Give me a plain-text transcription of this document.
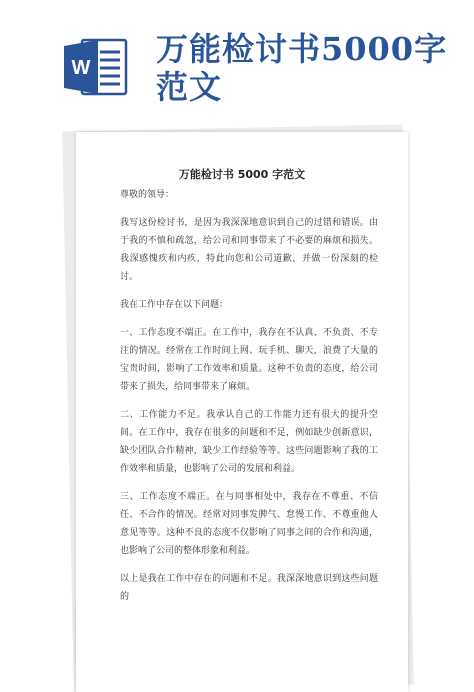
W 万能检讨书5000字范文
万能检讨书 5000 字范文

尊敬的领导：

我写这份检讨书，是因为我深深地意识到自己的过错和错误。由于我的不慎和疏忽，给公司和同事带来了不必要的麻烦和损失。我深感愧疚和内疚，特此向您和公司道歉，并做一份深刻的检讨。

我在工作中存在以下问题：

一、工作态度不端正。在工作中，我存在不认真、不负责、不专注的情况。经常在工作时间上网、玩手机、聊天，浪费了大量的宝贵时间，影响了工作效率和质量。这种不负责的态度，给公司带来了损失，给同事带来了麻烦。

二、工作能力不足。我承认自己的工作能力还有很大的提升空间。在工作中，我存在很多的问题和不足，例如缺少创新意识，缺少团队合作精神，缺少工作经验等等。这些问题影响了我的工作效率和质量，也影响了公司的发展和利益。

三、工作态度不端正。在与同事相处中，我存在不尊重、不信任、不合作的情况。经常对同事发脾气、怠慢工作、不尊重他人意见等等。这种不良的态度不仅影响了同事之间的合作和沟通，也影响了公司的整体形象和利益。

以上是我在工作中存在的问题和不足。我深深地意识到这些问题的
